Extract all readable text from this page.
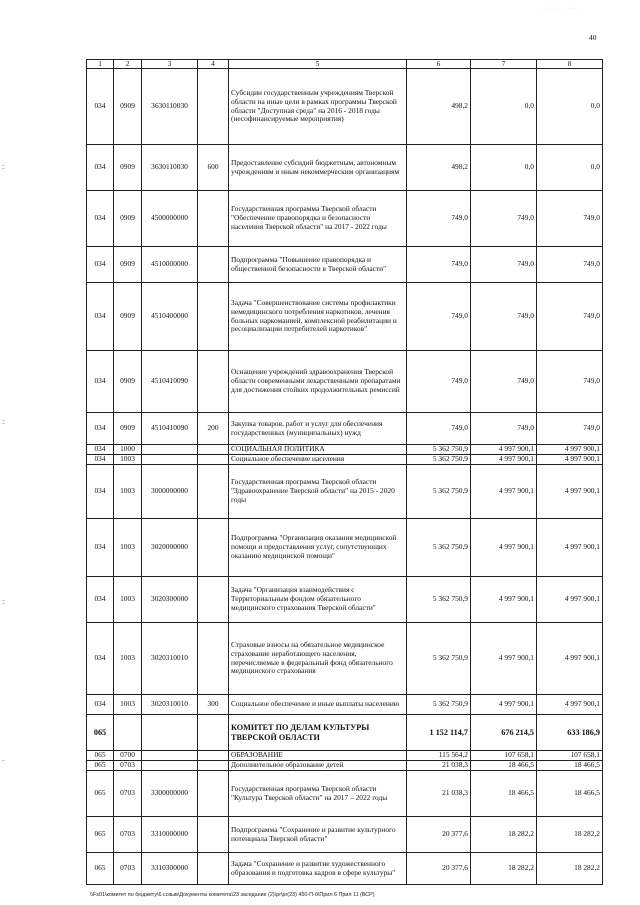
· · · · · · · ·
40
1	2	3	4	5	6	7	8
034	0909	3630110030		Субсидии государственным учреждениям Тверской области на иные цели в рамках программы Тверской области "Доступная среда" на 2016 - 2018 годы (несофинансируемые мероприятия)	498,2	0,0	0,0
034	0909	3630110030	600	Предоставление субсидий бюджетным, автономным учреждениям и иным некоммерческим организациям	498,2	0,0	0,0
034	0909	4500000000		Государственная программа Тверской области "Обеспечение правопорядка и безопасности населения Тверской области" на 2017 - 2022 годы	749,0	749,0	749,0
034	0909	4510000000		Подпрограмма "Повышение правопорядка и общественной безопасности в Тверской области"	749,0	749,0	749,0
034	0909	4510400000		Задача "Совершенствование системы профилактики немедицинского потребления наркотиков, лечения больных наркоманией, комплексной реабилитации и ресоциализации потребителей наркотиков"	749,0	749,0	749,0
034	0909	4510410090		Оснащение учреждений здравоохранения Тверской области современными лекарственными препаратами для достижения стойких продолжительных ремиссий	749,0	749,0	749,0
034	0909	4510410090	200	Закупка товаров, работ и услуг для обеспечения государственных (муниципальных) нужд	749,0	749,0	749,0
034	1000			СОЦИАЛЬНАЯ ПОЛИТИКА	5 362 750,9	4 997 900,1	4 997 900,1
034	1003			Социальное обеспечение населения	5 362 750,9	4 997 900,1	4 997 900,1
034	1003	3000000000		Государственная программа Тверской области "Здравоохранение Тверской области" на 2015 - 2020 годы	5 362 750,9	4 997 900,1	4 997 900,1
034	1003	3020000000		Подпрограмма "Организация оказания медицинской помощи и предоставления услуг, сопутствующих оказанию медицинской помощи"	5 362 750,9	4 997 900,1	4 997 900,1
034	1003	3020300000		Задача "Организация взаимодействия с Территориальным фондом обязательного медицинского страхования Тверской области"	5 362 750,9	4 997 900,1	4 997 900,1
034	1003	3020310010		Страховые взносы на обязательное медицинское страхование неработающего населения, перечисляемые в федеральный фонд обязательного медицинского страхования	5 362 750,9	4 997 900,1	4 997 900,1
034	1003	3020310010	300	Социальное обеспечение и иные выплаты населению	5 362 750,9	4 997 900,1	4 997 900,1
065				КОМИТЕТ ПО ДЕЛАМ КУЛЬТУРЫ ТВЕРСКОЙ ОБЛАСТИ	1 152 114,7	676 214,5	633 186,9
065	0700			ОБРАЗОВАНИЕ	115 564,2	107 658,1	107 658,1
065	0703			Дополнительное образование детей	21 038,3	18 466,5	18 466,5
065	0703	3300000000		Государственная программа Тверской области "Культура Тверской области" на 2017 – 2022 годы	21 038,3	18 466,5	18 466,5
065	0703	3310000000		Подпрограмма "Сохранение и развитие культурного потенциала Тверской области"	20 377,6	18 282,2	18 282,2
065	0703	3310300000		Задача "Сохранение и развитие художественного образования и подготовка кадров в сфере культуры"	20 377,6	18 282,2	18 282,2
\\Fs01\комитет по бюджету\6 созыв\Документы комитета\23 заседание (2)\pr\pr(23) 450-П-б\Прил 6 Прил 11 (ВСР)
